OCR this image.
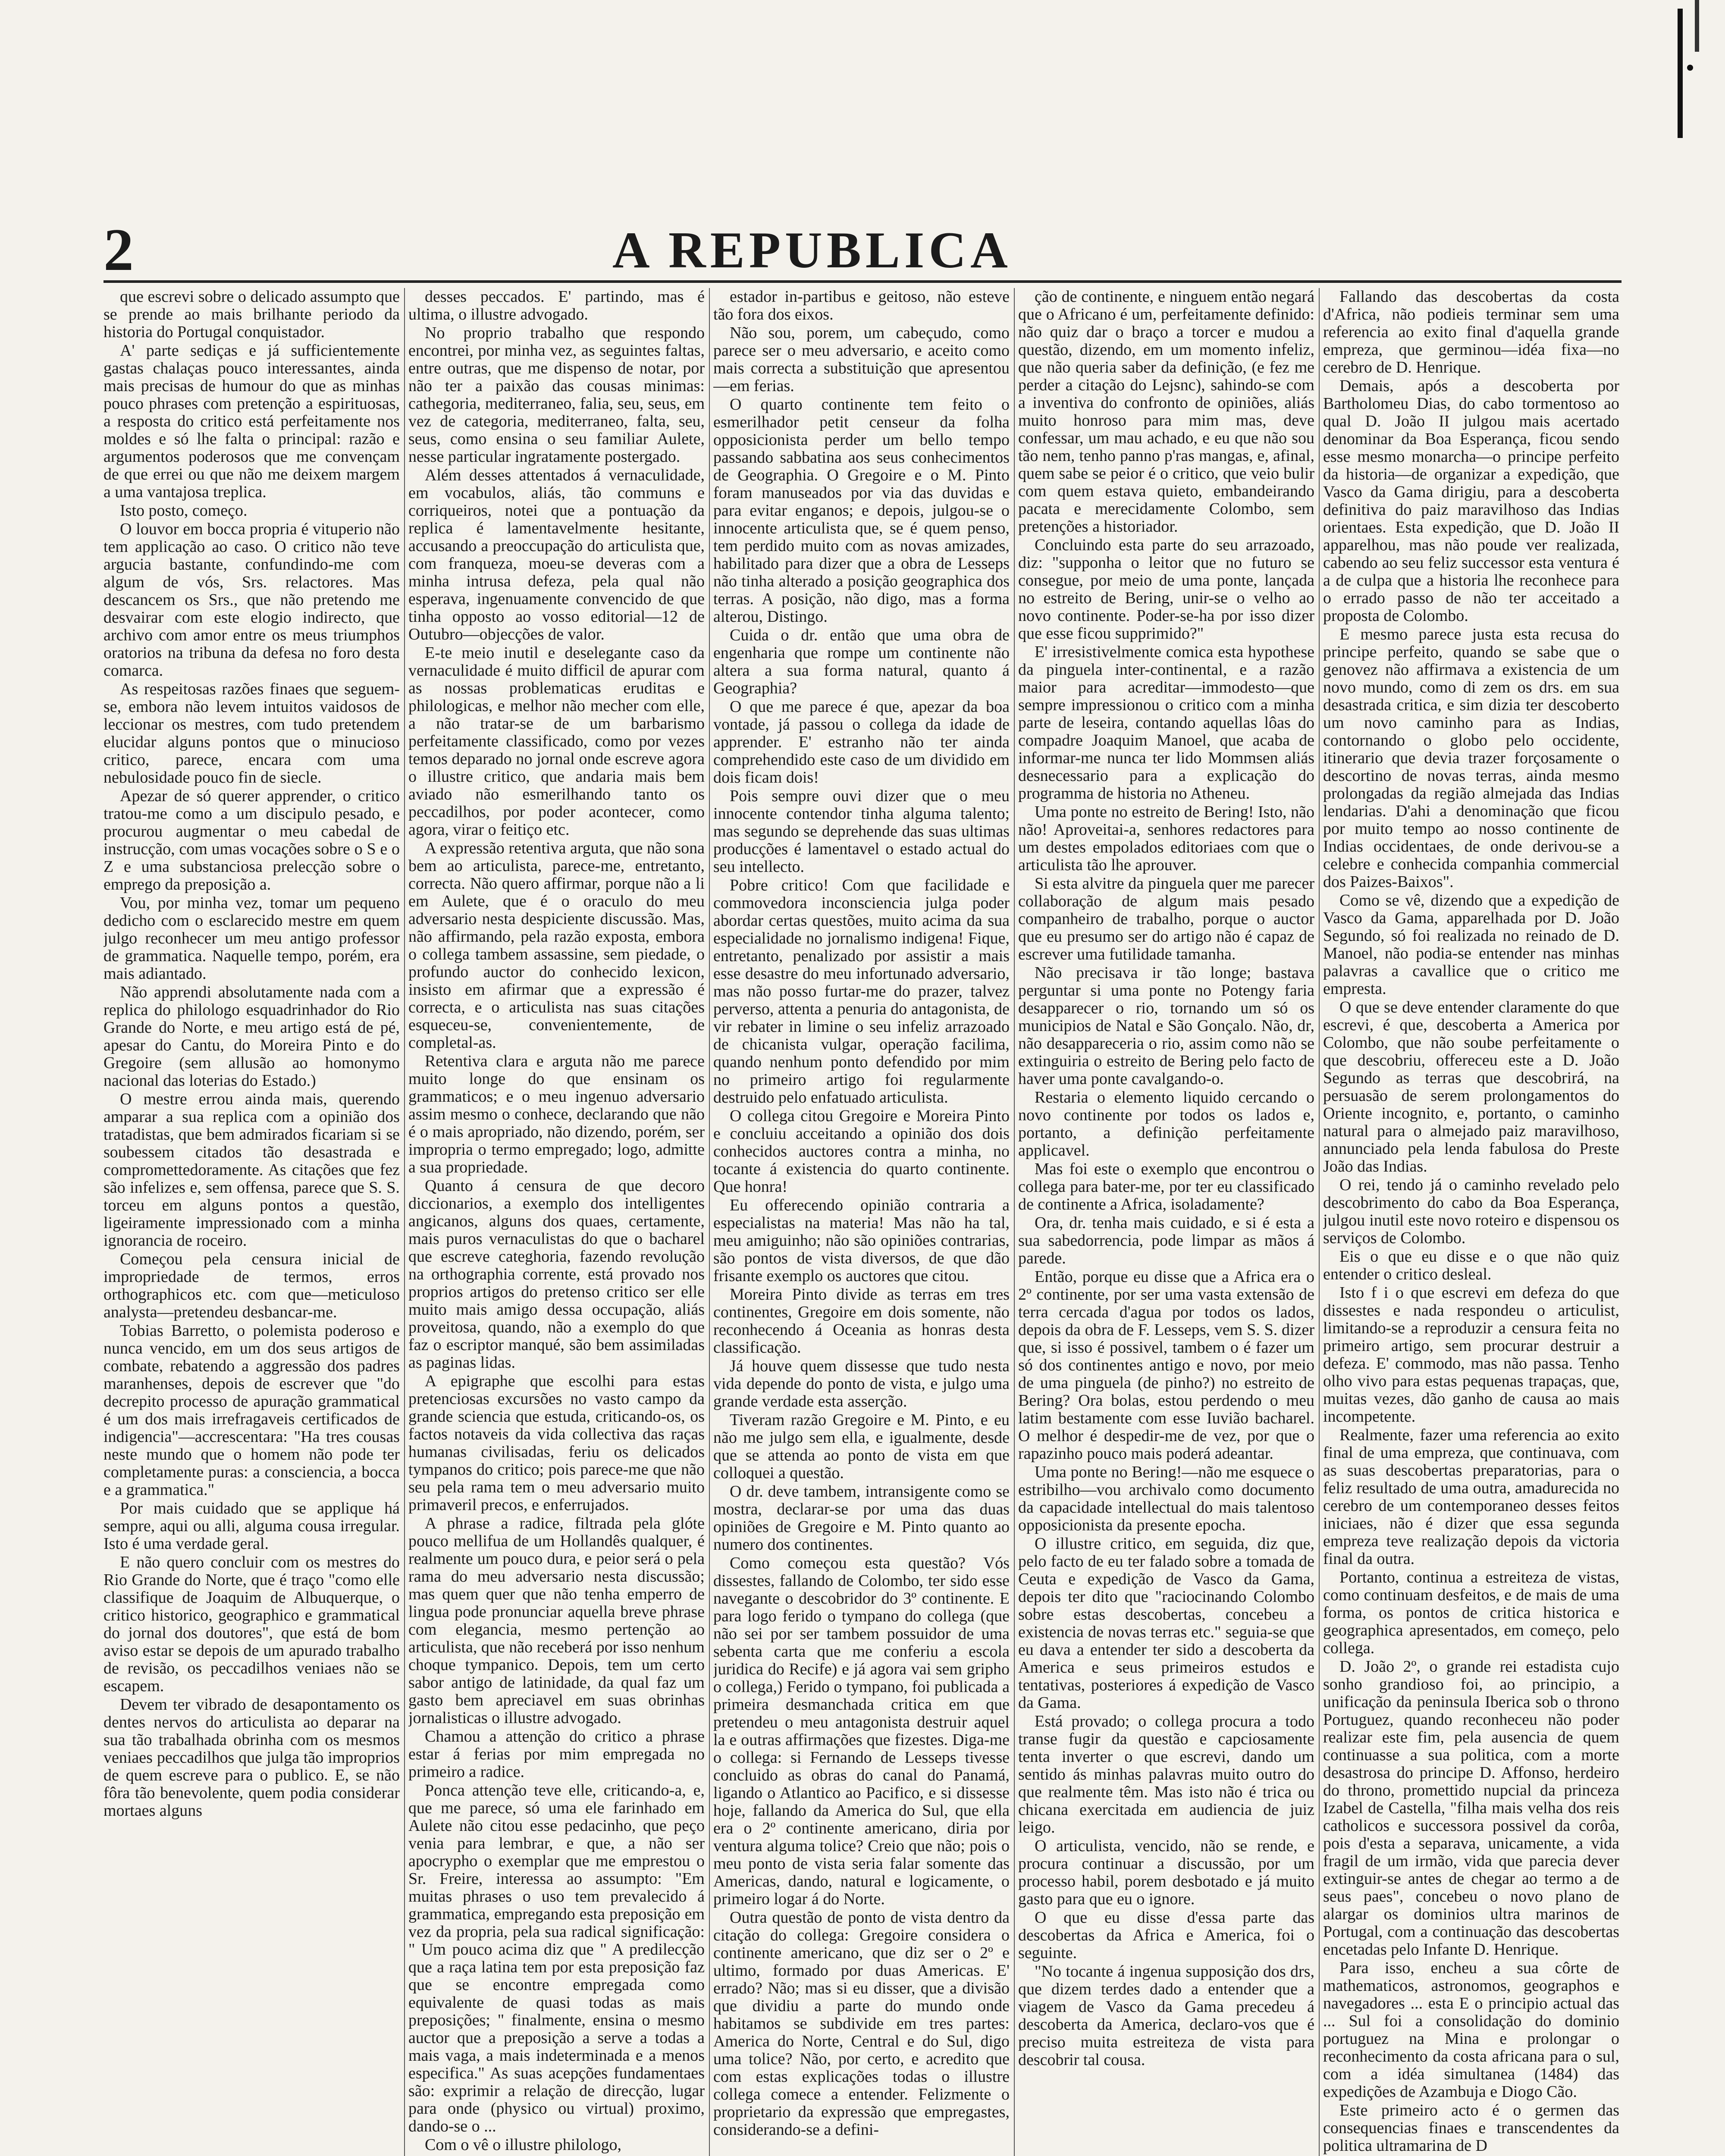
2	A REPUBLICA

que escrevi sobre o delicado assumpto que se prende ao mais brilhante periodo da historia do Portugal conquistador.

A' parte sediças e já sufficientemente gastas chalaças pouco interessantes, ainda mais precisas de humour do que as minhas pouco phrases com pretenção a espirituosas, a resposta do critico está perfeitamente nos moldes e só lhe falta o principal: razão e argumentos poderosos que me convençam de que errei ou que não me deixem margem a uma vantajosa treplica.

Isto posto, começo.

O louvor em bocca propria é vituperio não tem applicação ao caso. O critico não teve argucia bastante, confundindo-me com algum de vós, Srs. relactores. Mas descancem os Srs., que não pretendo me desvairar com este elogio indirecto, que archivo com amor entre os meus triumphos oratorios na tribuna da defesa no foro desta comarca.

As respeitosas razões finaes que seguem-se, embora não levem intuitos vaidosos de leccionar os mestres, com tudo pretendem elucidar alguns pontos que o minucioso critico, parece, encara com uma nebulosidade pouco fin de siecle.

Apezar de só querer apprender, o critico tratou-me como a um discipulo pesado, e procurou augmentar o meu cabedal de instrucção, com umas vocações sobre o S e o Z e uma substanciosa prelecção sobre o emprego da preposição a.

Vou, por minha vez, tomar um pequeno dedicho com o esclarecido mestre em quem julgo reconhecer um meu antigo professor de grammatica. Naquelle tempo, porém, era mais adiantado.

Não apprendi absolutamente nada com a replica do philologo esquadrinhador do Rio Grande do Norte, e meu artigo está de pé, apesar do Cantu, do Moreira Pinto e do Gregoire (sem allusão ao homonymo nacional das loterias do Estado.)

O mestre errou ainda mais, querendo amparar a sua replica com a opinião dos tratadistas, que bem admirados ficariam si se soubessem citados tão desastrada e compromettedoramente. As citações que fez são infelizes e, sem offensa, parece que S. S. torceu em alguns pontos a questão, ligeiramente impressionado com a minha ignorancia de roceiro.

Começou pela censura inicial de impropriedade de termos, erros orthographicos etc. com que—meticuloso analysta—pretendeu desbancar-me.

Tobias Barretto, o polemista poderoso e nunca vencido, em um dos seus artigos de combate, rebatendo a aggressão dos padres maranhenses, depois de escrever que "do decrepito processo de apuração grammatical é um dos mais irrefragaveis certificados de indigencia"—accrescentara: "Ha tres cousas neste mundo que o homem não pode ter completamente puras: a consciencia, a bocca e a grammatica."

Por mais cuidado que se applique há sempre, aqui ou alli, alguma cousa irregular. Isto é uma verdade geral.

E não quero concluir com os mestres do Rio Grande do Norte, que é traço "como elle classifique de Joaquim de Albuquerque, o critico historico, geographico e grammatical do jornal dos doutores", que está de bom aviso estar se depois de um apurado trabalho de revisão, os peccadilhos veniaes não se escapem.

Devem ter vibrado de desapontamento os dentes nervos do articulista ao deparar na sua tão trabalhada obrinha com os mesmos veniaes peccadilhos que julga tão improprios de quem escreve para o publico. E, se não fôra tão benevolente, quem podia considerar mortaes alguns

desses peccados. E' partindo, mas é ultima, o illustre advogado.

No proprio trabalho que respondo encontrei, por minha vez, as seguintes faltas, entre outras, que me dispenso de notar, por não ter a paixão das cousas minimas: cathegoria, mediterraneo, falia, seu, seus, em vez de categoria, mediterraneo, falta, seu, seus, como ensina o seu familiar Aulete, nesse particular ingratamente postergado.

Além desses attentados á vernaculidade, em vocabulos, aliás, tão communs e corriqueiros, notei que a pontuação da replica é lamentavelmente hesitante, accusando a preoccupação do articulista que, com franqueza, moeu-se deveras com a minha intrusa defeza, pela qual não esperava, ingenuamente convencido de que tinha opposto ao vosso editorial—12 de Outubro—objecções de valor.

E-te meio inutil e deselegante caso da vernaculidade é muito difficil de apurar com as nossas problematicas eruditas e philologicas, e melhor não mecher com elle, a não tratar-se de um barbarismo perfeitamente classificado, como por vezes temos deparado no jornal onde escreve agora o illustre critico, que andaria mais bem aviado não esmerilhando tanto os peccadilhos, por poder acontecer, como agora, virar o feitiço etc.

A expressão retentiva arguta, que não sona bem ao articulista, parece-me, entretanto, correcta. Não quero affirmar, porque não a li em Aulete, que é o oraculo do meu adversario nesta despiciente discussão. Mas, não affirmando, pela razão exposta, embora o collega tambem assassine, sem piedade, o profundo auctor do conhecido lexicon, insisto em afirmar que a expressão é correcta, e o articulista nas suas citações esqueceu-se, convenientemente, de completal-as.

Retentiva clara e arguta não me parece muito longe do que ensinam os grammaticos; e o meu ingenuo adversario assim mesmo o conhece, declarando que não é o mais apropriado, não dizendo, porém, ser impropria o termo empregado; logo, admitte a sua propriedade.

Quanto á censura de que decoro diccionarios, a exemplo dos intelligentes angicanos, alguns dos quaes, certamente, mais puros vernaculistas do que o bacharel que escreve categhoria, fazendo revolução na orthographia corrente, está provado nos proprios artigos do pretenso critico ser elle muito mais amigo dessa occupação, aliás proveitosa, quando, não a exemplo do que faz o escriptor manqué, são bem assimiladas as paginas lidas.

A epigraphe que escolhi para estas pretenciosas excursões no vasto campo da grande sciencia que estuda, criticando-os, os factos notaveis da vida collectiva das raças humanas civilisadas, feriu os delicados tympanos do critico; pois parece-me que não seu pela rama tem o meu adversario muito primaveril precos, e enferrujados.

A phrase a radice, filtrada pela glóte pouco mellifua de um Hollandês qualquer, é realmente um pouco dura, e peior será o pela rama do meu adversario nesta discussão; mas quem quer que não tenha emperro de lingua pode pronunciar aquella breve phrase com elegancia, mesmo pertenção ao articulista, que não receberá por isso nenhum choque tympanico. Depois, tem um certo sabor antigo de latinidade, da qual faz um gasto bem apreciavel em suas obrinhas jornalisticas o illustre advogado.

Chamou a attenção do critico a phrase estar á ferias por mim empregada no primeiro a radice.

Ponca attenção teve elle, criticando-a, e, que me parece, só uma ele farinhado em Aulete não citou esse pedacinho, que peço venia para lembrar, e que, a não ser apocrypho o exemplar que me emprestou o Sr. Freire, interessa ao assumpto: "Em muitas phrases o uso tem prevalecido á grammatica, empregando esta preposição em vez da propria, pela sua radical significação: " Um pouco acima diz que " A predilecção que a raça latina tem por esta preposição faz que se encontre empregada como equivalente de quasi todas as mais preposições; " finalmente, ensina o mesmo auctor que a preposição a serve a todas a mais vaga, a mais indeterminada e a menos especifica." As suas acepções fundamentaes são: exprimir a relação de direcção, lugar para onde (physico ou virtual) proximo, dando-se o ...

Com o vê o illustre philologo,

estador in-partibus e geitoso, não esteve tão fora dos eixos.

Não sou, porem, um cabeçudo, como parece ser o meu adversario, e aceito como mais correcta a substituição que apresentou—em ferias.

O quarto continente tem feito o esmerilhador petit censeur da folha opposicionista perder um bello tempo passando sabbatina aos seus conhecimentos de Geographia. O Gregoire e o M. Pinto foram manuseados por via das duvidas e para evitar enganos; e depois, julgou-se o innocente articulista que, se é quem penso, tem perdido muito com as novas amizades, habilitado para dizer que a obra de Lesseps não tinha alterado a posição geographica dos terras. A posição, não digo, mas a forma alterou, Distingo.

Cuida o dr. então que uma obra de engenharia que rompe um continente não altera a sua forma natural, quanto á Geographia?

O que me parece é que, apezar da boa vontade, já passou o collega da idade de apprender. E' estranho não ter ainda comprehendido este caso de um dividido em dois ficam dois!

Pois sempre ouvi dizer que o meu innocente contendor tinha alguma talento; mas segundo se deprehende das suas ultimas producções é lamentavel o estado actual do seu intellecto.

Pobre critico! Com que facilidade e commovedora inconsciencia julga poder abordar certas questões, muito acima da sua especialidade no jornalismo indigena! Fique, entretanto, penalizado por assistir a mais esse desastre do meu infortunado adversario, mas não posso furtar-me do prazer, talvez perverso, attenta a penuria do antagonista, de vir rebater in limine o seu infeliz arrazoado de chicanista vulgar, operação facilima, quando nenhum ponto defendido por mim no primeiro artigo foi regularmente destruido pelo enfatuado articulista.

O collega citou Gregoire e Moreira Pinto e concluiu acceitando a opinião dos dois conhecidos auctores contra a minha, no tocante á existencia do quarto continente. Que honra!

Eu offerecendo opinião contraria a especialistas na materia! Mas não ha tal, meu amiguinho; não são opiniões contrarias, são pontos de vista diversos, de que dão frisante exemplo os auctores que citou.

Moreira Pinto divide as terras em tres continentes, Gregoire em dois somente, não reconhecendo á Oceania as honras desta classificação.

Já houve quem dissesse que tudo nesta vida depende do ponto de vista, e julgo uma grande verdade esta asserção.

Tiveram razão Gregoire e M. Pinto, e eu não me julgo sem ella, e igualmente, desde que se attenda ao ponto de vista em que colloquei a questão.

O dr. deve tambem, intransigente como se mostra, declarar-se por uma das duas opiniões de Gregoire e M. Pinto quanto ao numero dos continentes.

Como começou esta questão? Vós dissestes, fallando de Colombo, ter sido esse navegante o descobridor do 3º continente. E para logo ferido o tympano do collega (que não sei por ser tambem possuidor de uma sebenta carta que me conferiu a escola juridica do Recife) e já agora vai sem gripho o collega,) Ferido o tympano, foi publicada a primeira desmanchada critica em que pretendeu o meu antagonista destruir aquel la e outras affirmações que fizestes. Diga-me o collega: si Fernando de Lesseps tivesse concluido as obras do canal do Panamá, ligando o Atlantico ao Pacifico, e si dissesse hoje, fallando da America do Sul, que ella era o 2º continente americano, diria por ventura alguma tolice? Creio que não; pois o meu ponto de vista seria falar somente das Americas, dando, natural e logicamente, o primeiro logar á do Norte.

Outra questão de ponto de vista dentro da citação do collega: Gregoire considera o continente americano, que diz ser o 2º e ultimo, formado por duas Americas. E' errado? Não; mas si eu disser, que a divisão que dividiu a parte do mundo onde habitamos se subdivide em tres partes: America do Norte, Central e do Sul, digo uma tolice? Não, por certo, e acredito que com estas explicações todas o illustre collega comece a entender. Felizmente o proprietario da expressão que empregastes, considerando-se a defini-

ção de continente, e ninguem então negará que o Africano é um, perfeitamente definido: não quiz dar o braço a torcer e mudou a questão, dizendo, em um momento infeliz, que não queria saber da definição, (e fez me perder a citação do Lejsnc), sahindo-se com a inventiva do confronto de opiniões, aliás muito honroso para mim mas, deve confessar, um mau achado, e eu que não sou tão nem, tenho panno p'ras mangas, e, afinal, quem sabe se peior é o critico, que veio bulir com quem estava quieto, embandeirando pacata e merecidamente Colombo, sem pretenções a historiador.

Concluindo esta parte do seu arrazoado, diz: "supponha o leitor que no futuro se consegue, por meio de uma ponte, lançada no estreito de Bering, unir-se o velho ao novo continente. Poder-se-ha por isso dizer que esse ficou supprimido?"

E' irresistivelmente comica esta hypothese da pinguela inter-continental, e a razão maior para acreditar—immodesto—que sempre impressionou o critico com a minha parte de leseira, contando aquellas lôas do compadre Joaquim Manoel, que acaba de informar-me nunca ter lido Mommsen aliás desnecessario para a explicação do programma de historia no Atheneu.

Uma ponte no estreito de Bering! Isto, não não! Aproveitai-a, senhores redactores para um destes empolados editoriaes com que o articulista tão lhe aprouver.

Si esta alvitre da pinguela quer me parecer collaboração de algum mais pesado companheiro de trabalho, porque o auctor que eu presumo ser do artigo não é capaz de escrever uma futilidade tamanha.

Não precisava ir tão longe; bastava perguntar si uma ponte no Potengy faria desapparecer o rio, tornando um só os municipios de Natal e São Gonçalo. Não, dr, não desappareceria o rio, assim como não se extinguiria o estreito de Bering pelo facto de haver uma ponte cavalgando-o.

Restaria o elemento liquido cercando o novo continente por todos os lados e, portanto, a definição perfeitamente applicavel.

Mas foi este o exemplo que encontrou o collega para bater-me, por ter eu classificado de continente a Africa, isoladamente?

Ora, dr. tenha mais cuidado, e si é esta a sua sabedorrencia, pode limpar as mãos á parede.

Então, porque eu disse que a Africa era o 2º continente, por ser uma vasta extensão de terra cercada d'agua por todos os lados, depois da obra de F. Lesseps, vem S. S. dizer que, si isso é possivel, tambem o é fazer um só dos continentes antigo e novo, por meio de uma pinguela (de pinho?) no estreito de Bering? Ora bolas, estou perdendo o meu latim bestamente com esse Iuvião bacharel. O melhor é despedir-me de vez, por que o rapazinho pouco mais poderá adeantar.

Uma ponte no Bering!—não me esquece o estribilho—vou archivalo como documento da capacidade intellectual do mais talentoso opposicionista da presente epocha.

O illustre critico, em seguida, diz que, pelo facto de eu ter falado sobre a tomada de Ceuta e expedição de Vasco da Gama, depois ter dito que "raciocinando Colombo sobre estas descobertas, concebeu a existencia de novas terras etc." seguia-se que eu dava a entender ter sido a descoberta da America e seus primeiros estudos e tentativas, posteriores á expedição de Vasco da Gama.

Está provado; o collega procura a todo transe fugir da questão e capciosamente tenta inverter o que escrevi, dando um sentido ás minhas palavras muito outro do que realmente têm. Mas isto não é trica ou chicana exercitada em audiencia de juiz leigo.

O articulista, vencido, não se rende, e procura continuar a discussão, por um processo habil, porem desbotado e já muito gasto para que eu o ignore.

O que eu disse d'essa parte das descobertas da Africa e America, foi o seguinte.

"No tocante á ingenua supposição dos drs, que dizem terdes dado a entender que a viagem de Vasco da Gama precedeu á descoberta da America, declaro-vos que é preciso muita estreiteza de vista para descobrir tal cousa.

Fallando das descobertas da costa d'Africa, não podieis terminar sem uma referencia ao exito final d'aquella grande empreza, que germinou—idéa fixa—no cerebro de D. Henrique.

Demais, após a descoberta por Bartholomeu Dias, do cabo tormentoso ao qual D. João II julgou mais acertado denominar da Boa Esperança, ficou sendo esse mesmo monarcha—o principe perfeito da historia—de organizar a expedição, que Vasco da Gama dirigiu, para a descoberta definitiva do paiz maravilhoso das Indias orientaes. Esta expedição, que D. João II apparelhou, mas não poude ver realizada, cabendo ao seu feliz successor esta ventura é a de culpa que a historia lhe reconhece para o errado passo de não ter acceitado a proposta de Colombo.

E mesmo parece justa esta recusa do principe perfeito, quando se sabe que o genovez não affirmava a existencia de um novo mundo, como di zem os drs. em sua desastrada critica, e sim dizia ter descoberto um novo caminho para as Indias, contornando o globo pelo occidente, itinerario que devia trazer forçosamente o descortino de novas terras, ainda mesmo prolongadas da região almejada das Indias lendarias. D'ahi a denominação que ficou por muito tempo ao nosso continente de Indias occidentaes, de onde derivou-se a celebre e conhecida companhia commercial dos Paizes-Baixos".

Como se vê, dizendo que a expedição de Vasco da Gama, apparelhada por D. João Segundo, só foi realizada no reinado de D. Manoel, não podia-se entender nas minhas palavras a cavallice que o critico me empresta.

O que se deve entender claramente do que escrevi, é que, descoberta a America por Colombo, que não soube perfeitamente o que descobriu, offereceu este a D. João Segundo as terras que descobrirá, na persuasão de serem prolongamentos do Oriente incognito, e, portanto, o caminho natural para o almejado paiz maravilhoso, annunciado pela lenda fabulosa do Preste João das Indias.

O rei, tendo já o caminho revelado pelo descobrimento do cabo da Boa Esperança, julgou inutil este novo roteiro e dispensou os serviços de Colombo.

Eis o que eu disse e o que não quiz entender o critico desleal.

Isto f i o que escrevi em defeza do que dissestes e nada respondeu o articulist, limitando-se a reproduzir a censura feita no primeiro artigo, sem procurar destruir a defeza. E' commodo, mas não passa. Tenho olho vivo para estas pequenas trapaças, que, muitas vezes, dão ganho de causa ao mais incompetente.

Realmente, fazer uma referencia ao exito final de uma empreza, que continuava, com as suas descobertas preparatorias, para o feliz resultado de uma outra, amadurecida no cerebro de um contemporaneo desses feitos iniciaes, não é dizer que essa segunda empreza teve realização depois da victoria final da outra.

Portanto, continua a estreiteza de vistas, como continuam desfeitos, e de mais de uma forma, os pontos de critica historica e geographica apresentados, em começo, pelo collega.

D. João 2º, o grande rei estadista cujo sonho grandioso foi, ao principio, a unificação da peninsula Iberica sob o throno Portuguez, quando reconheceu não poder realizar este fim, pela ausencia de quem continuasse a sua politica, com a morte desastrosa do principe D. Affonso, herdeiro do throno, promettido nupcial da princeza Izabel de Castella, "filha mais velha dos reis catholicos e successora possivel da corôa, pois d'esta a separava, unicamente, a vida fragil de um irmão, vida que parecia dever extinguir-se antes de chegar ao termo a de seus paes", concebeu o novo plano de alargar os dominios ultra marinos de Portugal, com a continuação das descobertas encetadas pelo Infante D. Henrique.

Para isso, encheu a sua côrte de mathematicos, astronomos, geographos e navegadores ... esta E o principio actual das ... Sul foi a consolidação do dominio portuguez na Mina e prolongar o reconhecimento da costa africana para o sul, com a idéa simultanea (1484) das expedições de Azambuja e Diogo Cão.

Este primeiro acto é o germen das consequencias finaes e transcendentes da politica ultramarina de D
